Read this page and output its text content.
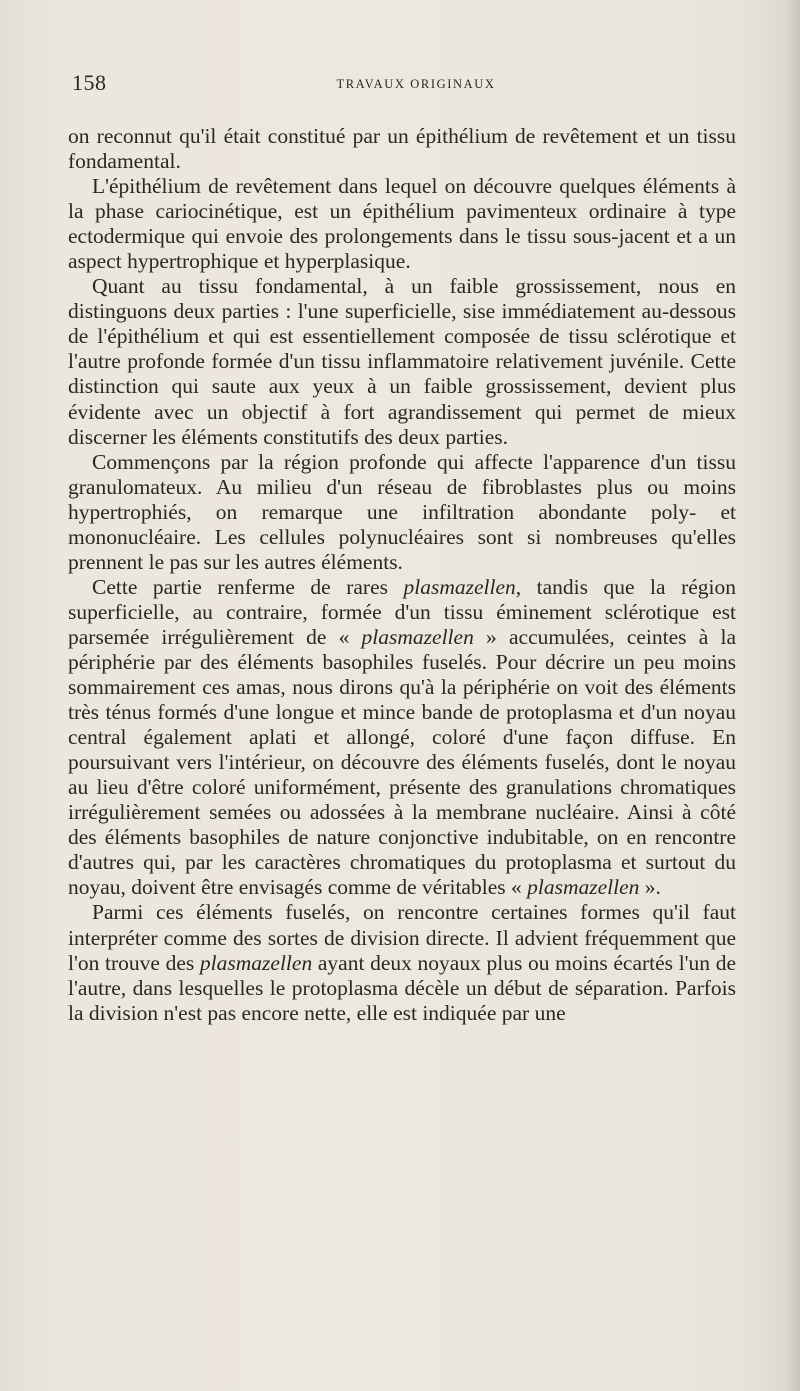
158	TRAVAUX ORIGINAUX

on reconnut qu'il était constitué par un épithélium de revêtement et un tissu fondamental.

L'épithélium de revêtement dans lequel on découvre quelques éléments à la phase cariocinétique, est un épithélium pavimenteux ordinaire à type ectodermique qui envoie des prolongements dans le tissu sous-jacent et a un aspect hypertrophique et hyperplasique.

Quant au tissu fondamental, à un faible grossissement, nous en distinguons deux parties : l'une superficielle, sise immédiatement au-dessous de l'épithélium et qui est essentiellement composée de tissu sclérotique et l'autre profonde formée d'un tissu inflammatoire relativement juvénile. Cette distinction qui saute aux yeux à un faible grossissement, devient plus évidente avec un objectif à fort agrandissement qui permet de mieux discerner les éléments constitutifs des deux parties.

Commençons par la région profonde qui affecte l'apparence d'un tissu granulomateux. Au milieu d'un réseau de fibroblastes plus ou moins hypertrophiés, on remarque une infiltration abondante poly- et mononucléaire. Les cellules polynucléaires sont si nombreuses qu'elles prennent le pas sur les autres éléments.

Cette partie renferme de rares plasmazellen, tandis que la région superficielle, au contraire, formée d'un tissu éminement sclérotique est parsemée irrégulièrement de « plasmazellen » accumulées, ceintes à la périphérie par des éléments basophiles fuselés. Pour décrire un peu moins sommairement ces amas, nous dirons qu'à la périphérie on voit des éléments très ténus formés d'une longue et mince bande de protoplasma et d'un noyau central également aplati et allongé, coloré d'une façon diffuse. En poursuivant vers l'intérieur, on découvre des éléments fuselés, dont le noyau au lieu d'être coloré uniformément, présente des granulations chromatiques irrégulièrement semées ou adossées à la membrane nucléaire. Ainsi à côté des éléments basophiles de nature conjonctive indubitable, on en rencontre d'autres qui, par les caractères chromatiques du protoplasma et surtout du noyau, doivent être envisagés comme de véritables « plasmazellen ».

Parmi ces éléments fuselés, on rencontre certaines formes qu'il faut interpréter comme des sortes de division directe. Il advient fréquemment que l'on trouve des plasmazellen ayant deux noyaux plus ou moins écartés l'un de l'autre, dans lesquelles le protoplasma décèle un début de séparation. Parfois la division n'est pas encore nette, elle est indiquée par une
